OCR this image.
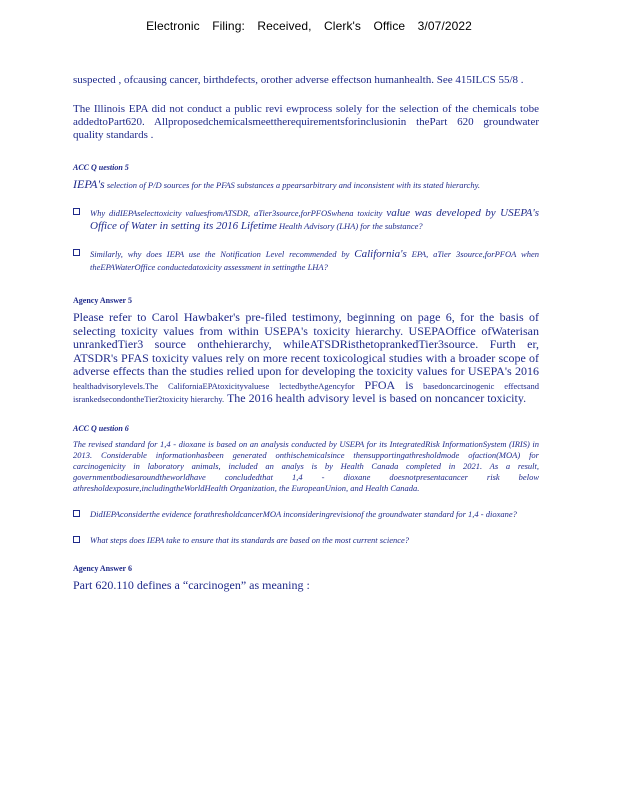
Electronic Filing: Received, Clerk's Office 3/07/2022

suspected , ofcausing cancer, birthdefects, orother adverse effectson humanhealth. See 415ILCS 55/8 .

The Illinois EPA did not conduct a public revi ewprocess solely for the selection of the chemicals tobe addedtoPart620. Allproposedchemicalsmeettherequirementsforinclusionin thePart 620 groundwater quality standards .

ACC Q uestion 5

IEPA's selection of P/D sources for the PFAS substances a ppearsarbitrary and inconsistent with its stated hierarchy.

Why didIEPAselecttoxicity valuesfromATSDR, aTier3source,forPFOSwhena toxicity value was developed by USEPA's Office of Water in setting its 2016 Lifetime Health Advisory (LHA) for the substance?

Similarly, why does IEPA use the Notification Level recommended by California's EPA, aTier 3source,forPFOA when theEPAWaterOffice conductedatoxicity assessment in settingthe LHA?

Agency Answer 5

Please refer to Carol Hawbaker's pre-filed testimony, beginning on page 6, for the basis of selecting toxicity values from within USEPA's toxicity hierarchy. USEPAOffice ofWaterisan unrankedTier3 source onthehierarchy, whileATSDRisthetoprankedTier3source. Furth er, ATSDR's PFAS toxicity values rely on more recent toxicological studies with a broader scope of adverse effects than the studies relied upon for developing the toxicity values for USEPA's 2016 healthadvisorylevels.The CaliforniaEPAtoxicityvaluese lectedbytheAgencyfor PFOA is basedoncarcinogenic effectsand isrankedsecondontheTier2toxicity hierarchy. The 2016 health advisory level is based on noncancer toxicity.

ACC Q uestion 6

The revised standard for 1,4 - dioxane is based on an analysis conducted by USEPA for its IntegratedRisk InformationSystem (IRIS) in 2013. Considerable informationhasbeen generated onthischemicalsince thensupportingathresholdmode ofaction(MOA) for carcinogenicity in laboratory animals, included an analys is by Health Canada completed in 2021. As a result, governmentbodiesaroundtheworldhave concludedthat 1,4 - dioxane doesnotpresentacancer risk below athresholdexposure,includingtheWorldHealth Organization, the EuropeanUnion, and Health Canada.

DidIEPAconsiderthe evidence forathresholdcancerMOA inconsideringrevisionof the groundwater standard for 1,4 - dioxane?

What steps does IEPA take to ensure that its standards are based on the most current science?

Agency Answer 6

Part 620.110 defines a “carcinogen” as meaning :
